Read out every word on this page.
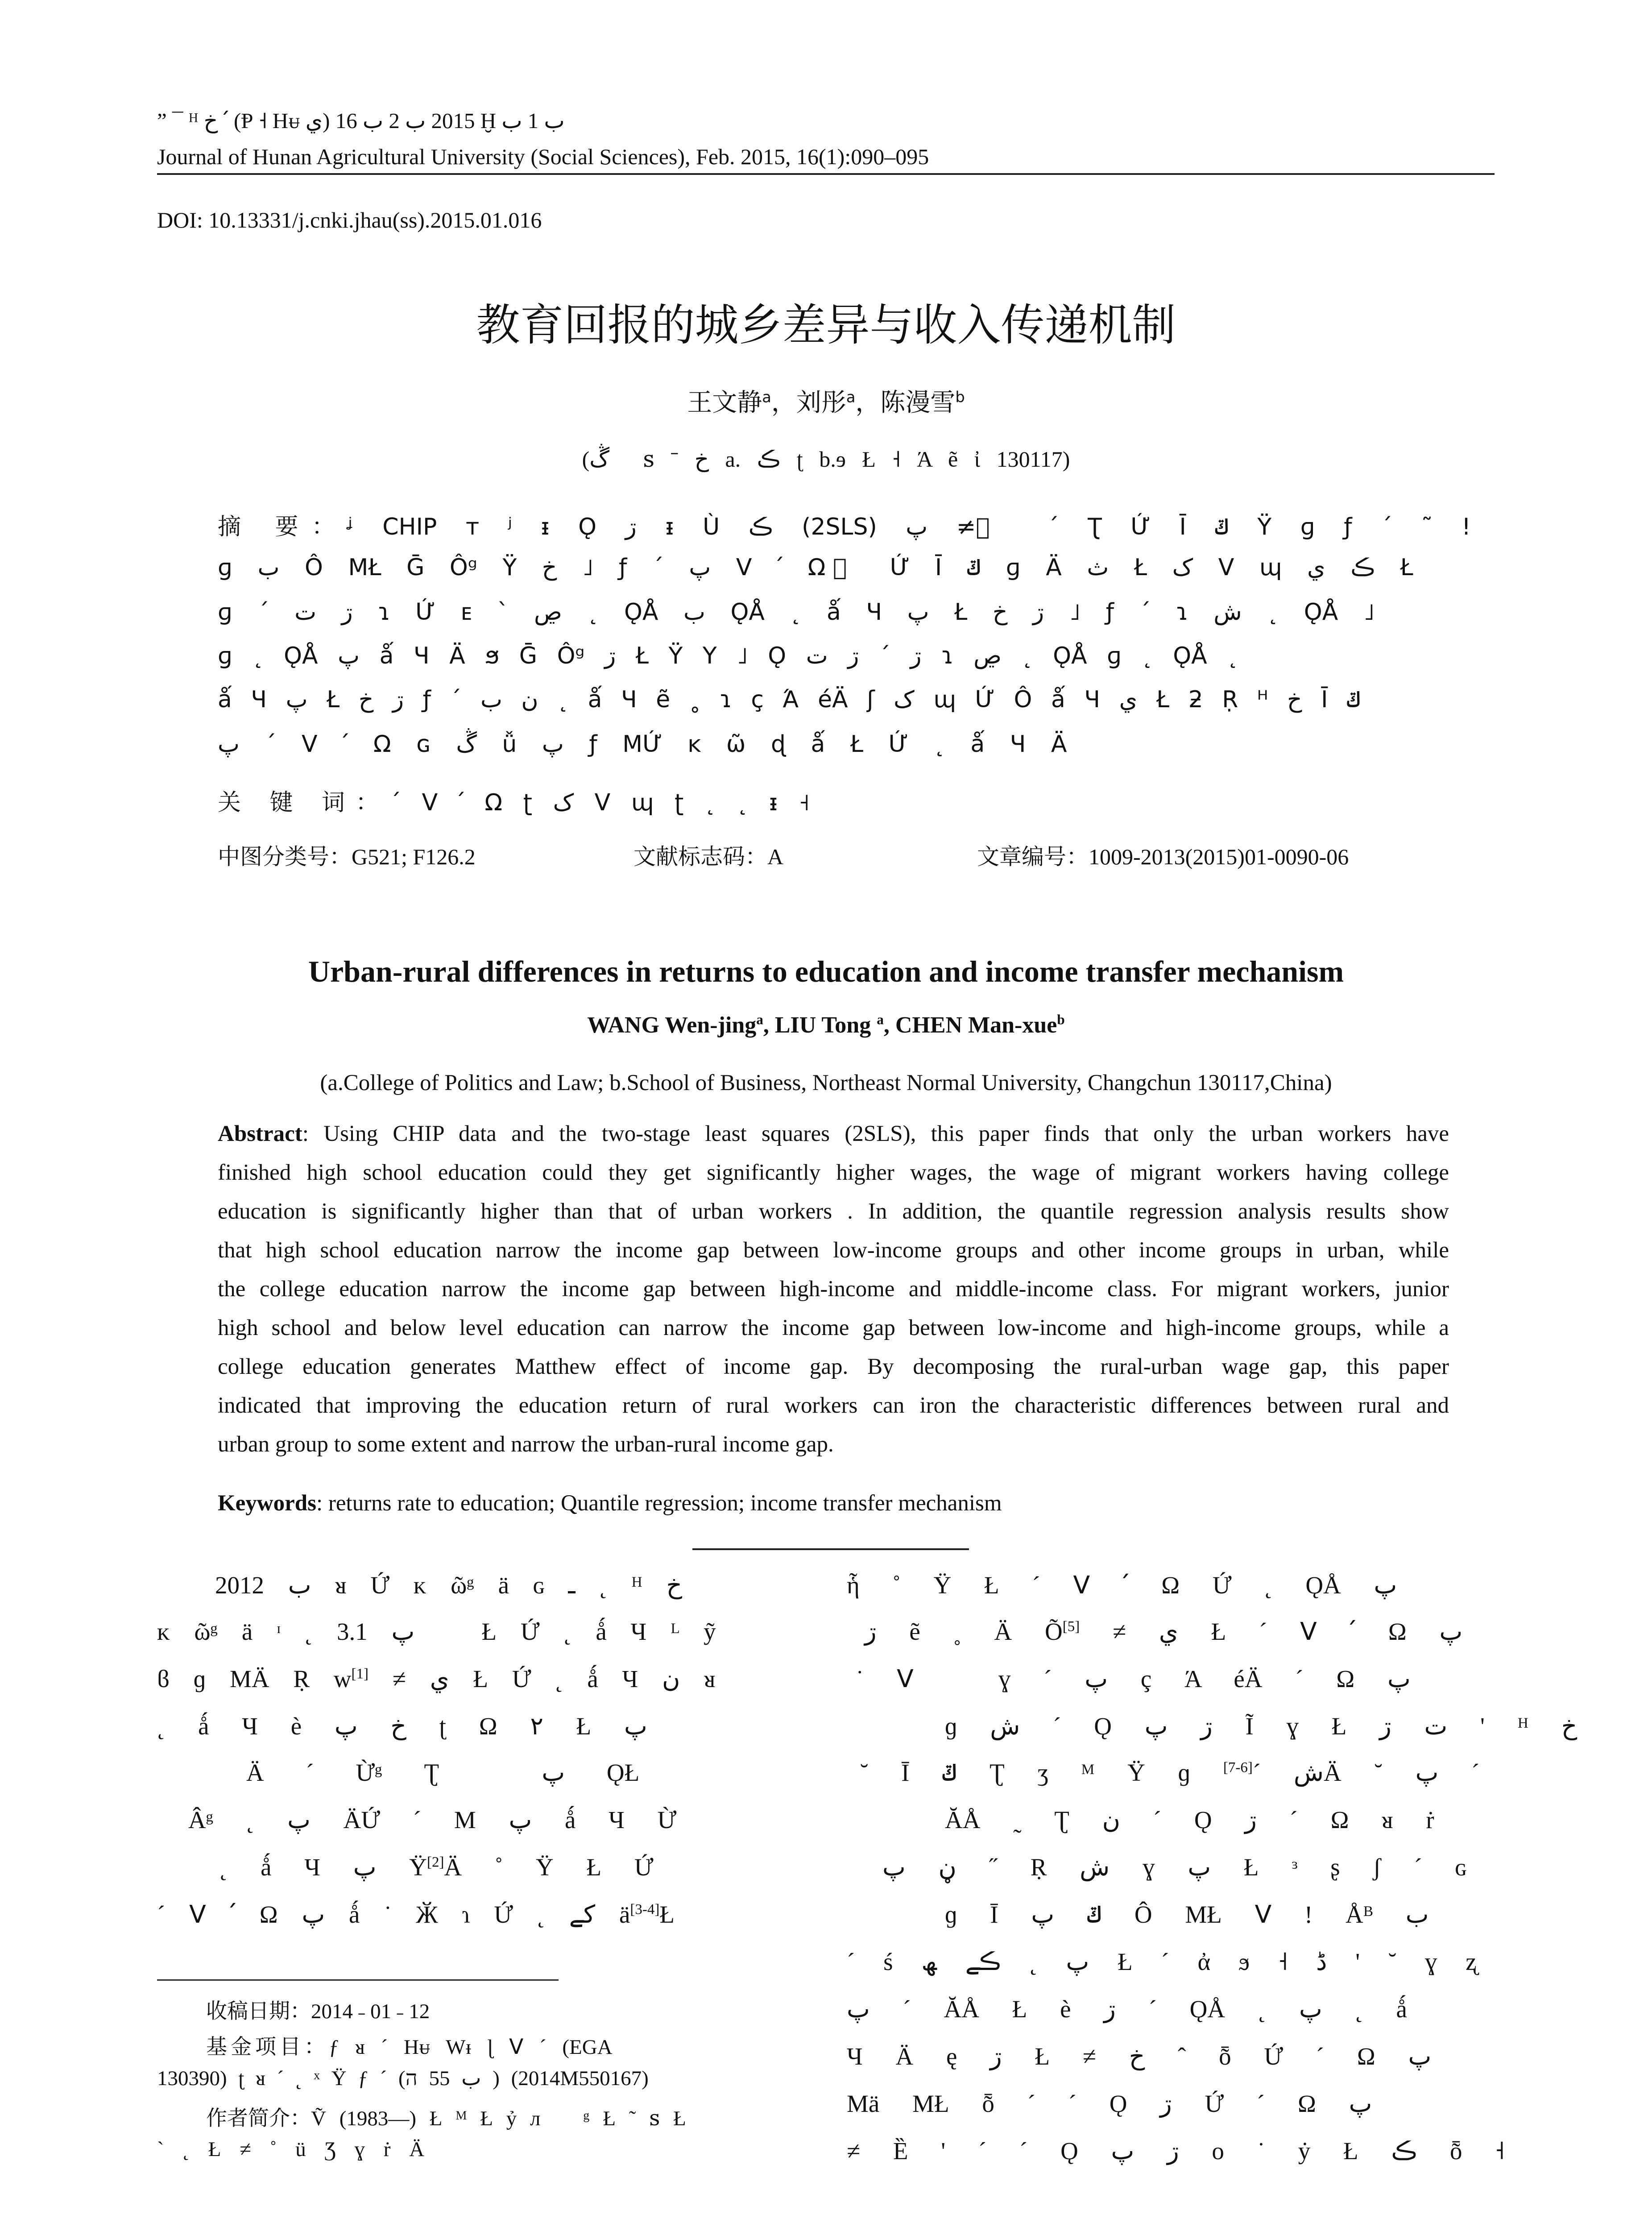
” ¯ ᴴ خ ՛ (Ᵽ ˧ Hᵾ ي) 2015 ب 2 ب 16 Ḫ ب 1 ب
Journal of Hunan Agricultural University (Social Sciences), Feb. 2015, 16(1):090–095
DOI: 10.13331/j.cnki.jhau(ss).2015.01.016
教育回报的城乡差异与收入传递机制
王文静$^a$，刘彤$^a$，陈漫雪$^b$
(ڴ ⃞ꜱ ˉ خ a. ڪ ʈ b.ɘ Ł ˧ Ά ẽ ἰ 130117)
摘 要：ᶨ CHIP ᴛ ʲ ᵻ Ǫ ڗ ᵻ Ù ڪ (2SLS) پ ≠ ⃞ ˊ Ʈ Ứ Ī ݿ Ÿ ɡ ƒ ˊ ˜ !
ɡ ب Ô MŁ Ḡ Ôᵍ Ÿ خ ˩ ƒ ˊ پ ᐯ ՛ Ω ⃞ Ứ Ī ݿ ɡ Ä ث Ł ک ᐯ ɰ ڪ ي Ł
ɡ ˊ ڗ ت ɿ Ứ ᴇ ˋ ڝ ˛ ǪÅ ب ǪÅ ˛ ǻ Ч پ Ł ڗ خ ˩ ƒ ˊ ɿ ش ˛ ǪÅ ˩
ɡ ˛ ǪÅ پ ǻ Ч Ä ϧ Ḡ Ôᵍ ڗ Ł Ÿ Y ˩ Ǫ ڗ ˊ ڗ ت ɿ ڝ ˛ ǪÅ ɡ ˛ ǪÅ ˛
ǻ Ч پ Ł ڗ خ ƒ ˊ ن ب ˛ ǻ Ч ẽ ˳ ɿ ç Ά éÄ ʃ ک ɰ Ứ Ô ǻ Ч ي Ł ƻ Ṛ ᴴ خ Ī ݿ
پ ˊ ᐯ ՛ Ω ɢ ڴ ǚ پ ƒ MỨ ᴋ ῶ ɖ ǻ Ł Ứ ˛ ǻ Ч Ä
关 键 词：ˊ ᐯ ՛ Ω ʈ ک ᐯ ɰ ʈ ˛ ˛ ᵻ ˧
中图分类号：G521; F126.2	文献标志码：A	文章编号：1009-2013(2015)01-0090-06
Urban-rural differences in returns to education and income transfer mechanism
WANG Wen-jing$^a$, LIU Tong $^a$, CHEN Man-xue$^b$
(a.College of Politics and Law; b.School of Business, Northeast Normal University, Changchun 130117,China)
Abstract: Using CHIP data and the two-stage least squares (2SLS), this paper finds that only the urban workers have
finished high school education could they get significantly higher wages, the wage of migrant workers having college
education is significantly higher than that of urban workers . In addition, the quantile regression analysis results show
that high school education narrow the income gap between low-income groups and other income groups in urban, while
the college education narrow the income gap between high-income and middle-income class. For migrant workers, junior
high school and below level education can narrow the income gap between low-income and high-income groups, while a
college education generates Matthew effect of income gap. By decomposing the rural-urban wage gap, this paper
indicated that improving the education return of rural workers can iron the characteristic differences between rural and
urban group to some extent and narrow the urban-rural income gap.
Keywords: returns rate to education; Quantile regression; income transfer mechanism
2012 ب ᴚ Ứ ᴋ ῶᵍ ä ɢ ـ ˛ ᴴ خ
ᴋ ῶᵍ ä ᶦ ˛ پ 3.1 ⃞ Ł Ứ ˛ ǻ Ч ᴸ ỹ
ϐ ɡ MÄ Ṛ w[1] ≠ ي Ł Ứ ˛ ǻ Ч ن ᴚ
˛ ǻ Ч è خ پ ʈ Ω ۲ Ł پ
Ä ˊ Ừᵍ Ʈ ⃞ پ ǪŁ
Âᵍ ˛ پ ÄỨ ˊ M پ ǻ Ч Ừ
˛ ǻ Ч پ Ÿ[2]Ä ˚ Ÿ Ł Ứ
ˊ ᐯ ՛ Ω پ ǻ ˙ Ӂ ɿ Ứ ˛ کے ä[3-4]Ł
收稿日期：2014 ˗ 01 ˗ 12
基金项目：ƒ ᴚ ˊ Hᵾ Wᵻ ɭ ᐯ ˊ (EGA
130390) ʈ ᴚ ˊ ˛ ˣ Ÿ ƒ ˊ (ب 55 ה ) (2014M550167)
作者简介：Ṽ (1983—) Ł ᴹ Ł ỷ л ⃞ ᵍ Ł ˜ ꜱ Ł
ˋ ˛ Ł ≠ ˚ ü Ʒ ɣ ṙ Ä
ἧ ˚ Ÿ Ł ˊ ᐯ ՛ Ω Ứ ˛ ǪÅ پ
ڗ ẽ ˳ Ä Õ[5] ≠ ي Ł ˊ ᐯ ՛ Ω پ
˙ ᐯ ⃞ ɣ ˊ پ ç Ά éÄ ˊ Ω پ
ɡ ش ˊ Ǫ ڗ پ Ĩ ɣ Ł ت ڗ ' ᴴ خ
˘ Ī ݿ Ʈ ʒ ᴹ Ÿ ɡ ش ˊ[6-7]	Ä ˘ پ ˊ
ĂÅ ˷ Ʈ ن ˊ Ǫ ڗ ˊ Ω ᴚ ṙ
ڼ پ ˝ Ṛ ش ɣ پ Ł ᶟ ʂ ʃ ˊ ɢ
ɡ Ī ݿ پ Ô MŁ ᐯ ! Åᴮ ب ⃞
ˊ ś پ ˛ ڪے ﮫ Ł ˊ ἀ ϧ ˧ ڈ ' ˘ ɣ ʐ
پ ˊ ĂÅ Ł è ڗ ˊ ǪÅ ˛ پ ˛ ǻ
Ч Ä ę ڗ Ł ≠ خ ˆ ȭ Ứ ˊ Ω پ
Mä MŁ ȭ ˊ ˊ Ǫ ڗ Ứ ˊ Ω پ
≠ Ȅ ' ˊ ˊ Ǫ ڗ پ ο ˙ ẏ Ł ڪ ȭ ˧
